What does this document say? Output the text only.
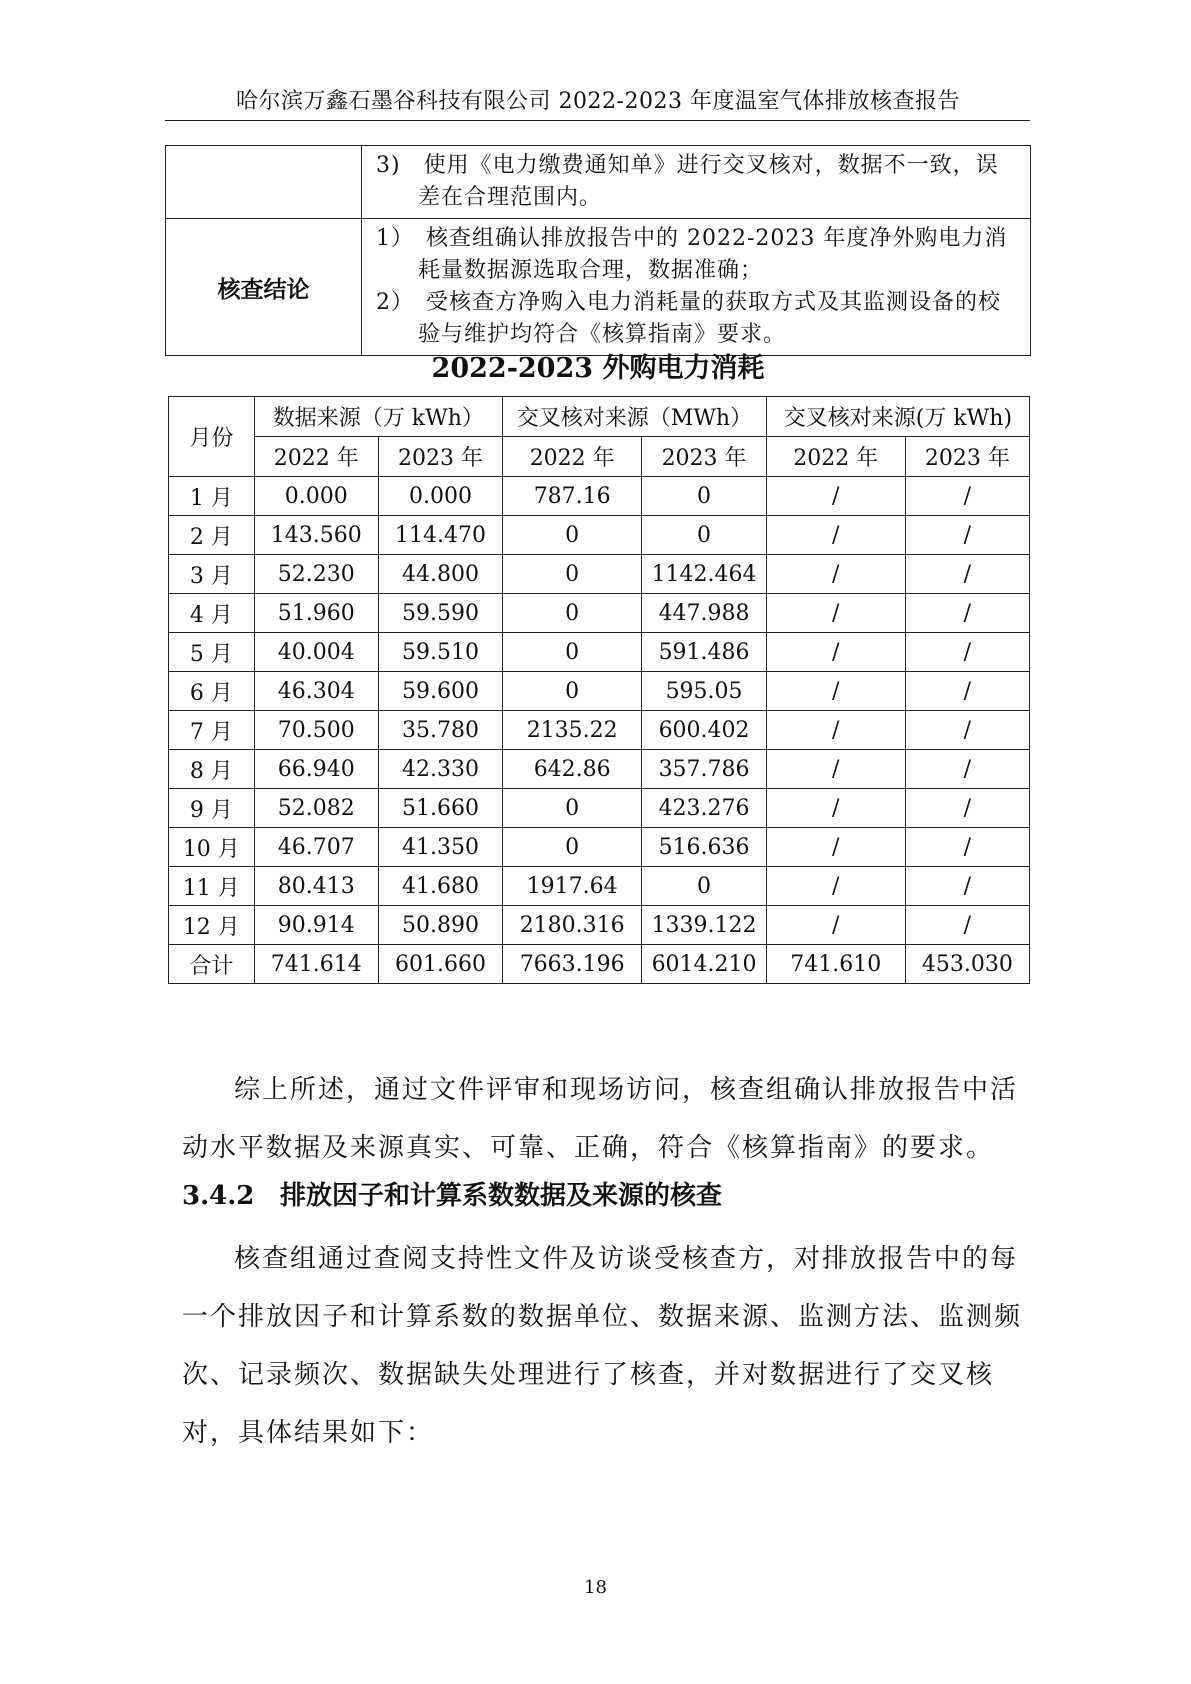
哈尔滨万鑫石墨谷科技有限公司 2022-2023 年度温室气体排放核查报告

	3)　使用《电力缴费通知单》进行交叉核对，数据不一致，误差在合理范围内。

核查结论	1）　核查组确认排放报告中的 2022-2023 年度净外购电力消耗量数据源选取合理，数据准确；
2）　受核查方净购入电力消耗量的获取方式及其监测设备的校验与维护均符合《核算指南》要求。
2022-2023 外购电力消耗
月份	数据来源（万 kWh）		交叉核对来源（MWh）		交叉核对来源(万 kWh)	
	2022 年	2023 年	2022 年	2023 年	2022 年	2023 年
1 月	0.000	0.000	787.16	0	/	/
2 月	143.560	114.470	0	0	/	/
3 月	52.230	44.800	0	1142.464	/	/
4 月	51.960	59.590	0	447.988	/	/
5 月	40.004	59.510	0	591.486	/	/
6 月	46.304	59.600	0	595.05	/	/
7 月	70.500	35.780	2135.22	600.402	/	/
8 月	66.940	42.330	642.86	357.786	/	/
9 月	52.082	51.660	0	423.276	/	/
10 月	46.707	41.350	0	516.636	/	/
11 月	80.413	41.680	1917.64	0	/	/
12 月	90.914	50.890	2180.316	1339.122	/	/
合计	741.614	601.660	7663.196	6014.210	741.610	453.030
综上所述，通过文件评审和现场访问，核查组确认排放报告中活动水平数据及来源真实、可靠、正确，符合《核算指南》的要求。
3.4.2 排放因子和计算系数数据及来源的核查
核查组通过查阅支持性文件及访谈受核查方，对排放报告中的每一个排放因子和计算系数的数据单位、数据来源、监测方法、监测频次、记录频次、数据缺失处理进行了核查，并对数据进行了交叉核对，具体结果如下：
18
